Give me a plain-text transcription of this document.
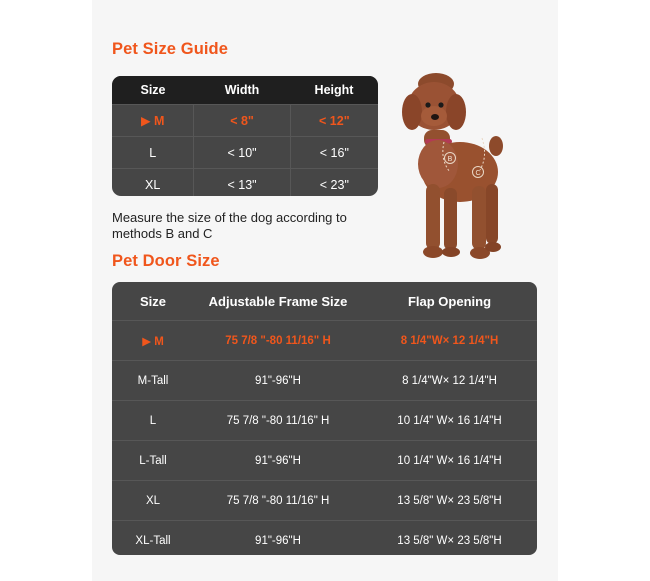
Pet Size Guide
Size	Width	Height
▶ M	< 8"	< 12"
L	< 10"	< 16"
XL	< 13"	< 23"

Measure the size of the dog according to methods B and C

B
C
Pet Door Size
Size	Adjustable Frame Size	Flap Opening
▶ M	75 7/8 "-80 11/16" H	8 1/4"W× 12 1/4"H
M-Tall	91"-96"H	8 1/4"W× 12 1/4"H
L	75 7/8 "-80 11/16" H	10 1/4" W× 16 1/4"H
L-Tall	91"-96"H	10 1/4" W× 16 1/4"H
XL	75 7/8 "-80 11/16" H	13 5/8" W× 23 5/8"H
XL-Tall	91"-96"H	13 5/8" W× 23 5/8"H
